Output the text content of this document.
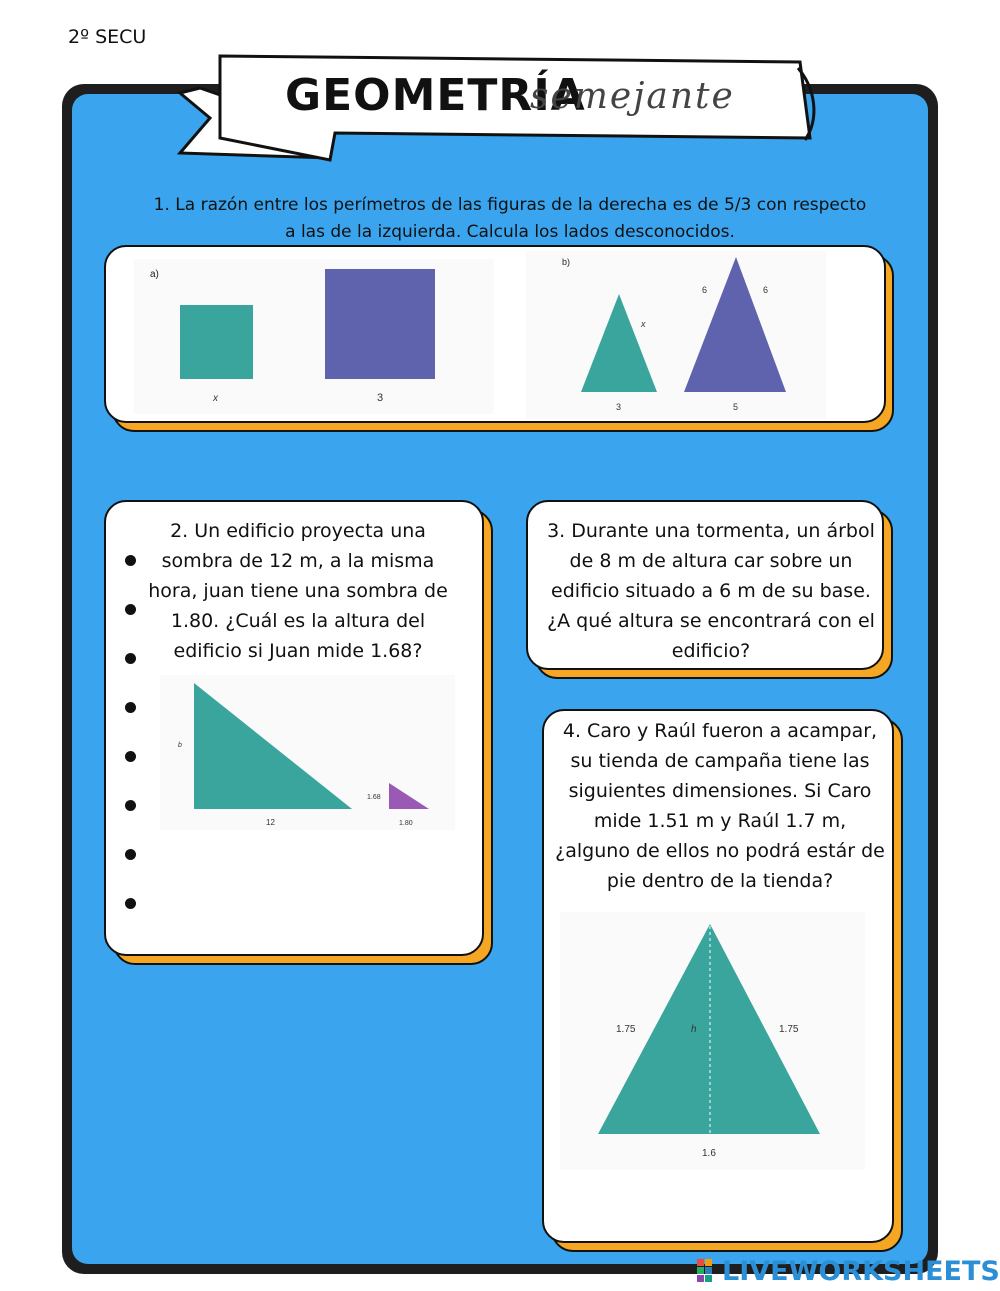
2º SECU
GEOMETRÍA
semejante
1. La razón entre los perímetros de las figuras de la derecha es de 5/3 con respecto a las de la izquierda. Calcula los lados desconocidos.
a)
x	3
b)
x
3
6	6
5
2. Un edificio proyecta una sombra de 12 m, a la misma hora, juan tiene una sombra de 1.80. ¿Cuál es la altura del edificio si Juan mide 1.68?
b
12
1.68
1.80
3. Durante una tormenta, un árbol de 8 m de altura car sobre un edificio situado a 6 m de su base. ¿A qué altura se encontrará con el edificio?
4. Caro y Raúl fueron a acampar, su tienda de campaña tiene las siguientes dimensiones. Si Caro mide 1.51 m y Raúl 1.7 m, ¿alguno de ellos no podrá estár de pie dentro de la tienda?
1.75	h	1.75
1.6
LIVEWORKSHEETS
